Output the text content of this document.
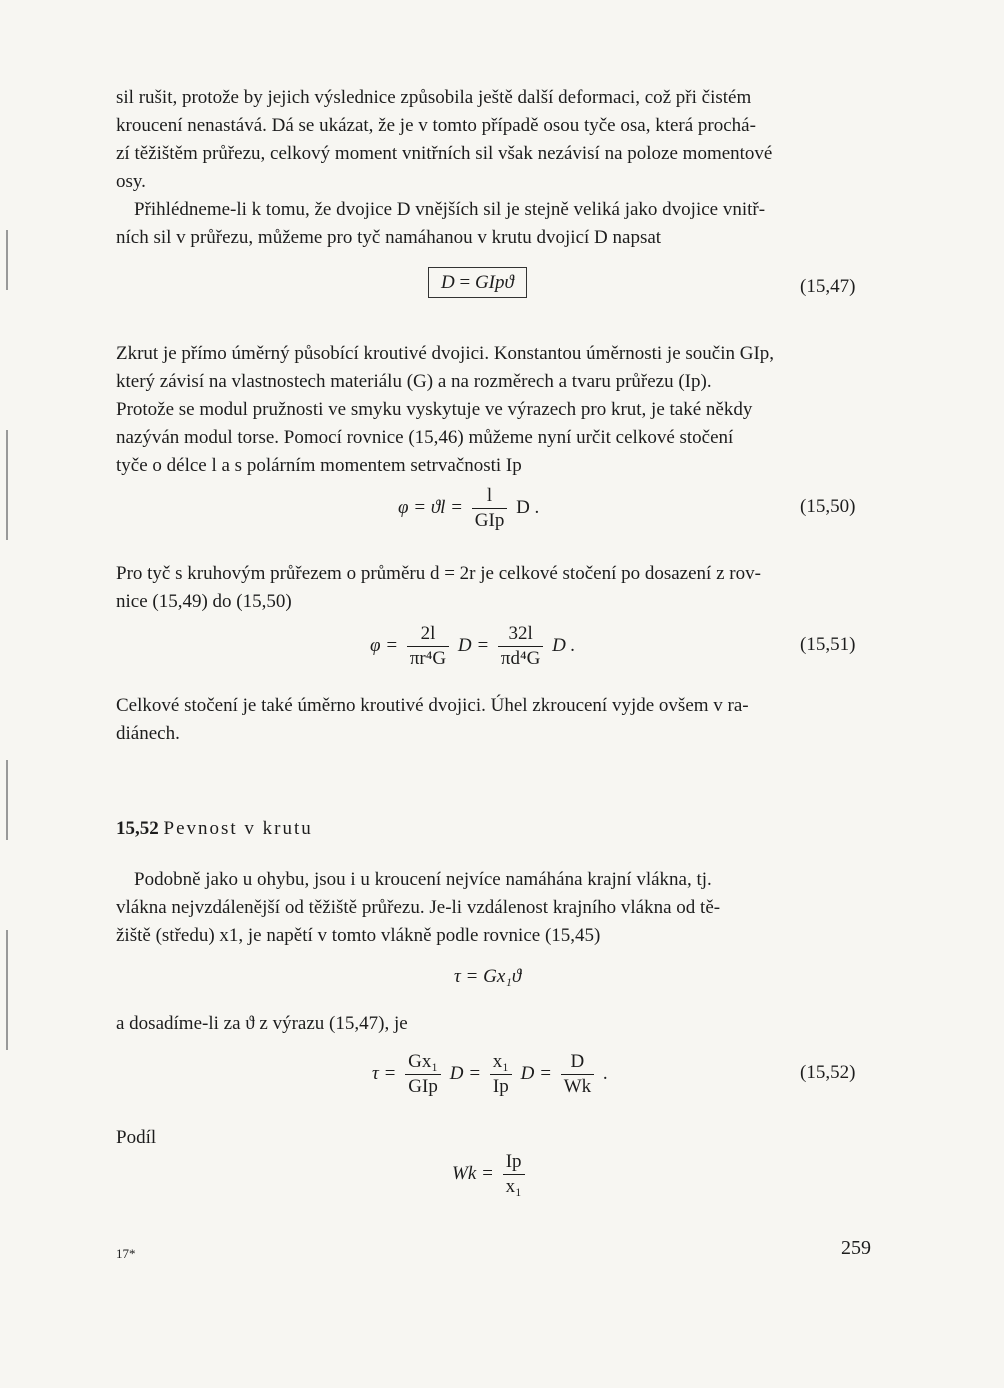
sil rušit, protože by jejich výslednice způsobila ještě další deformaci, což při čistém
kroucení nenastává. Dá se ukázat, že je v tomto případě osou tyče osa, která prochá-
zí těžištěm průřezu, celkový moment vnitřních sil však nezávisí na poloze momentové
osy.
Přihlédneme-li k tomu, že dvojice D vnějších sil je stejně veliká jako dvojice vnitř-
ních sil v průřezu, můžeme pro tyč namáhanou v krutu dvojicí D napsat
D = GIpϑ	(15,47)
Zkrut je přímo úměrný působící kroutivé dvojici. Konstantou úměrnosti je součin GIp,
který závisí na vlastnostech materiálu (G) a na rozměrech a tvaru průřezu (Ip).
Protože se modul pružnosti ve smyku vyskytuje ve výrazech pro krut, je také někdy
nazýván modul torse. Pomocí rovnice (15,46) můžeme nyní určit celkové stočení
tyče o délce l a s polárním momentem setrvačnosti Ip
$\varphi = ϑl = \frac{l}{\text{GIp}}$ D .	(15,50)
Pro tyč s kruhovým průřezem o průměru d = 2r je celkové stočení po dosazení z rov-
nice (15,49) do (15,50)
$\varphi = \frac{2l}{\text{πr⁴G}}$ $D = \frac{32l}{\text{πd⁴G}}$ D .	(15,51)
Celkové stočení je také úměrno kroutivé dvojici. Úhel zkroucení vyjde ovšem v ra-
diánech.
15,52 Pevnost v krutu
Podobně jako u ohybu, jsou i u kroucení nejvíce namáhána krajní vlákna, tj.
vlákna nejvzdálenější od těžiště průřezu. Je-li vzdálenost krajního vlákna od tě-
žiště (středu) x1, je napětí v tomto vlákně podle rovnice (15,45)
τ = Gx₁ϑ
a dosadíme-li za ϑ z výrazu (15,47), je
$\tau = \frac{\text{Gx₁}}{\text{GIp}}$ $D = \frac{\text{x₁}}{Ip}$ $D = \frac{D}{Wk}$ .	(15,52)
Podíl
$Wk = \frac{Ip}{\text{x₁}}$
17*	259
